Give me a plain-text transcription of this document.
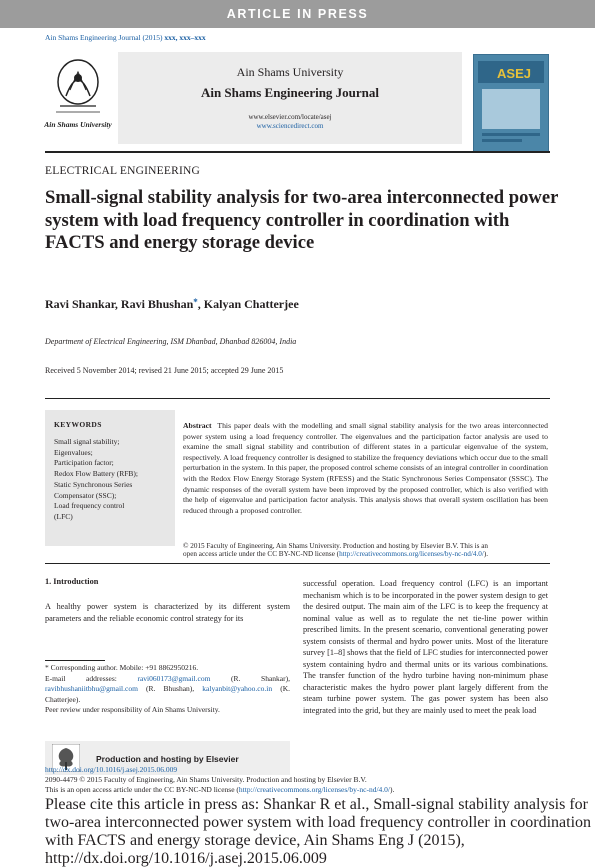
ARTICLE IN PRESS
Ain Shams Engineering Journal (2015) xxx, xxx–xxx
Ain Shams University
Ain Shams University
Ain Shams Engineering Journal
www.elsevier.com/locate/asej
www.sciencedirect.com
ASEJ
ELECTRICAL ENGINEERING
Small-signal stability analysis for two-area interconnected power system with load frequency controller in coordination with FACTS and energy storage device
Ravi Shankar, Ravi Bhushan*, Kalyan Chatterjee
Department of Electrical Engineering, ISM Dhanbad, Dhanbad 826004, India
Received 5 November 2014; revised 21 June 2015; accepted 29 June 2015
KEYWORDS
Small signal stability;
Eigenvalues;
Participation factor;
Redox Flow Battery (RFB);
Static Synchronous Series
Compensator (SSC);
Load frequency control
(LFC)
Abstract This paper deals with the modelling and small signal stability analysis for the two areas interconnected power system using a load frequency controller. The eigenvalues and the participation factor analysis are used to examine the small signal stability and contribution of different states in a particular eigenvalue of the system, respectively. A load frequency controller is designed to stabilize the frequency deviations which occur due to the small perturbation in the system. In this paper, the proposed control scheme consists of an integral controller in coordination with the Redox Flow Energy Storage System (RFESS) and the Static Synchronous Series Compensator (SSSC). The dynamic responses of the overall system have been improved by the proposed controller, which is also verified with the help of eigenvalue and participation factor analysis. This analysis shows that overall system oscillation has been reduced through a proposed controller.
© 2015 Faculty of Engineering, Ain Shams University. Production and hosting by Elsevier B.V. This is an
open access article under the CC BY-NC-ND license (http://creativecommons.org/licenses/by-nc-nd/4.0/).
1. Introduction
A healthy power system is characterized by its different system parameters and the reliable economic control strategy for its
* Corresponding author. Mobile: +91 8862950216.
E-mail addresses: ravi060173@gmail.com (R. Shankar), ravibhushaniitbhu@gmail.com (R. Bhushan), kalyanbit@yahoo.co.in (K. Chatterjee).
Peer review under responsibility of Ain Shams University.
Production and hosting by Elsevier
successful operation. Load frequency control (LFC) is an important mechanism which is to be incorporated in the power system design to get the desired output. The main aim of the LFC is to keep the frequency at nominal value as well as to regulate the net tie-line power within prescribed limits. In the present scenario, conventional generating power system consists of thermal and hydro power units. Most of the literature survey [1–8] shows that the field of LFC studies for interconnected power system containing hydro and thermal units or its various combinations. The transfer function of the hydro turbine having non-minimum phase characteristic makes the hydro power plant largely different from the steam turbine power system. The gas power system has been also integrated into the grid, but they are mainly used to meet the peak load
http://dx.doi.org/10.1016/j.asej.2015.06.009
2090-4479 © 2015 Faculty of Engineering, Ain Shams University. Production and hosting by Elsevier B.V.
This is an open access article under the CC BY-NC-ND license (http://creativecommons.org/licenses/by-nc-nd/4.0/).
Please cite this article in press as: Shankar R et al., Small-signal stability analysis for two-area interconnected power system with load frequency controller in coordination with FACTS and energy storage device, Ain Shams Eng J (2015), http://dx.doi.org/10.1016/j.asej.2015.06.009
